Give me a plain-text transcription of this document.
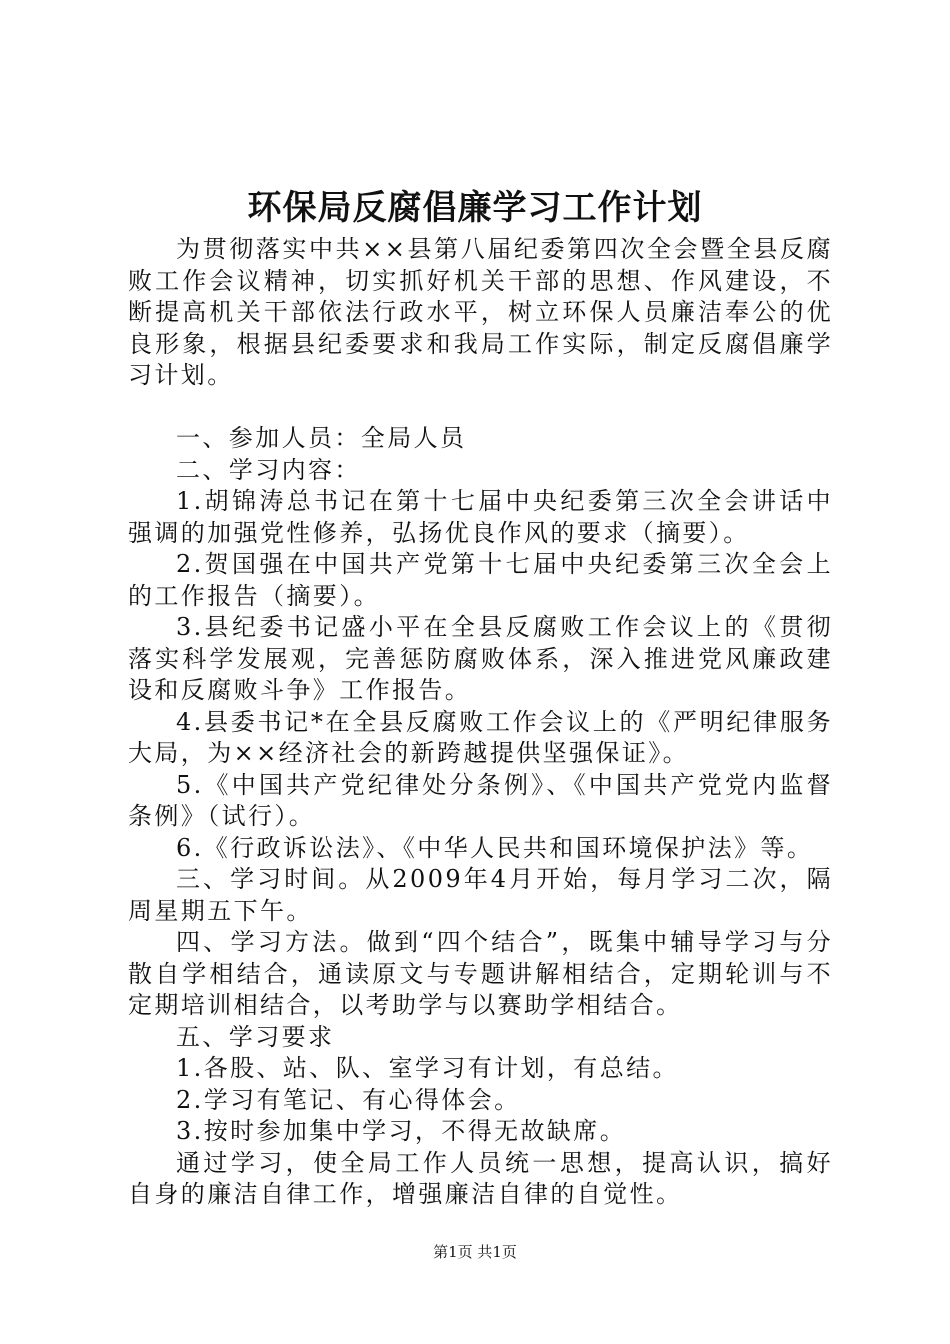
环保局反腐倡廉学习工作计划

为贯彻落实中共××县第八届纪委第四次全会暨全县反腐败工作会议精神，切实抓好机关干部的思想、作风建设，不断提高机关干部依法行政水平，树立环保人员廉洁奉公的优良形象，根据县纪委要求和我局工作实际，制定反腐倡廉学习计划。

一、参加人员：全局人员

二、学习内容：

1.胡锦涛总书记在第十七届中央纪委第三次全会讲话中强调的加强党性修养，弘扬优良作风的要求（摘要）。

2.贺国强在中国共产党第十七届中央纪委第三次全会上的工作报告（摘要）。

3.县纪委书记盛小平在全县反腐败工作会议上的《贯彻落实科学发展观，完善惩防腐败体系，深入推进党风廉政建设和反腐败斗争》工作报告。

4.县委书记*在全县反腐败工作会议上的《严明纪律服务大局，为××经济社会的新跨越提供坚强保证》。

5.《中国共产党纪律处分条例》、《中国共产党党内监督条例》（试行）。

6.《行政诉讼法》、《中华人民共和国环境保护法》等。

三、学习时间。从2009年4月开始，每月学习二次，隔周星期五下午。

四、学习方法。做到“四个结合”，既集中辅导学习与分散自学相结合，通读原文与专题讲解相结合，定期轮训与不定期培训相结合，以考助学与以赛助学相结合。

五、学习要求

1.各股、站、队、室学习有计划，有总结。

2.学习有笔记、有心得体会。

3.按时参加集中学习，不得无故缺席。

通过学习，使全局工作人员统一思想，提高认识，搞好自身的廉洁自律工作，增强廉洁自律的自觉性。

第1页 共1页
